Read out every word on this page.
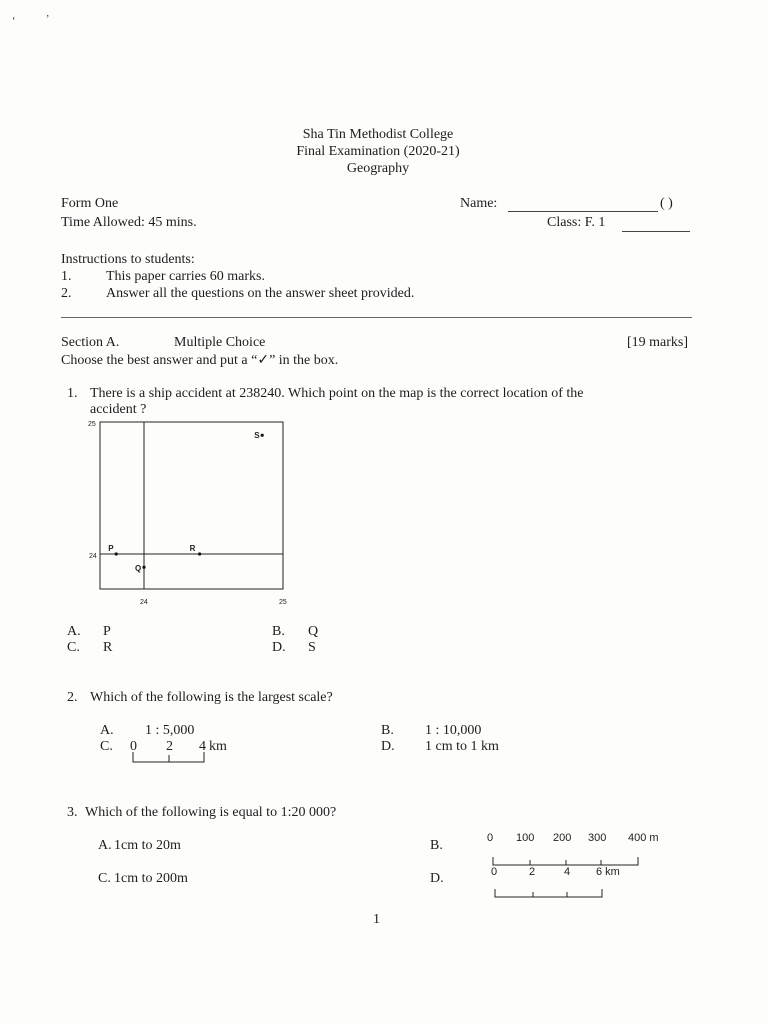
‘	’
Sha Tin Methodist College
Final Examination (2020-21)
Geography
Form One
Time Allowed: 45 mins.
Name:	( )
Class: F. 1
Instructions to students:
1. This paper carries 60 marks.
2. Answer all the questions on the answer sheet provided.
Section A.	Multiple Choice	[19 marks]
Choose the best answer and put a “✓” in the box.
1. There is a ship accident at 238240. Which point on the map is the correct location of the
accident ?
25
24
24	25
S
P	R
Q
A. P	B. Q
C. R	D. S
2. Which of the following is the largest scale?
A. 1 : 5,000	B. 1 : 10,000
C. 0 2 4 km	D. 1 cm to 1 km
3. Which of the following is equal to 1:20 000?
A. 1cm to 20m	B.
C. 1cm to 200m	D.
0 100 200 300 400 m
0	2	4 6 km
1
